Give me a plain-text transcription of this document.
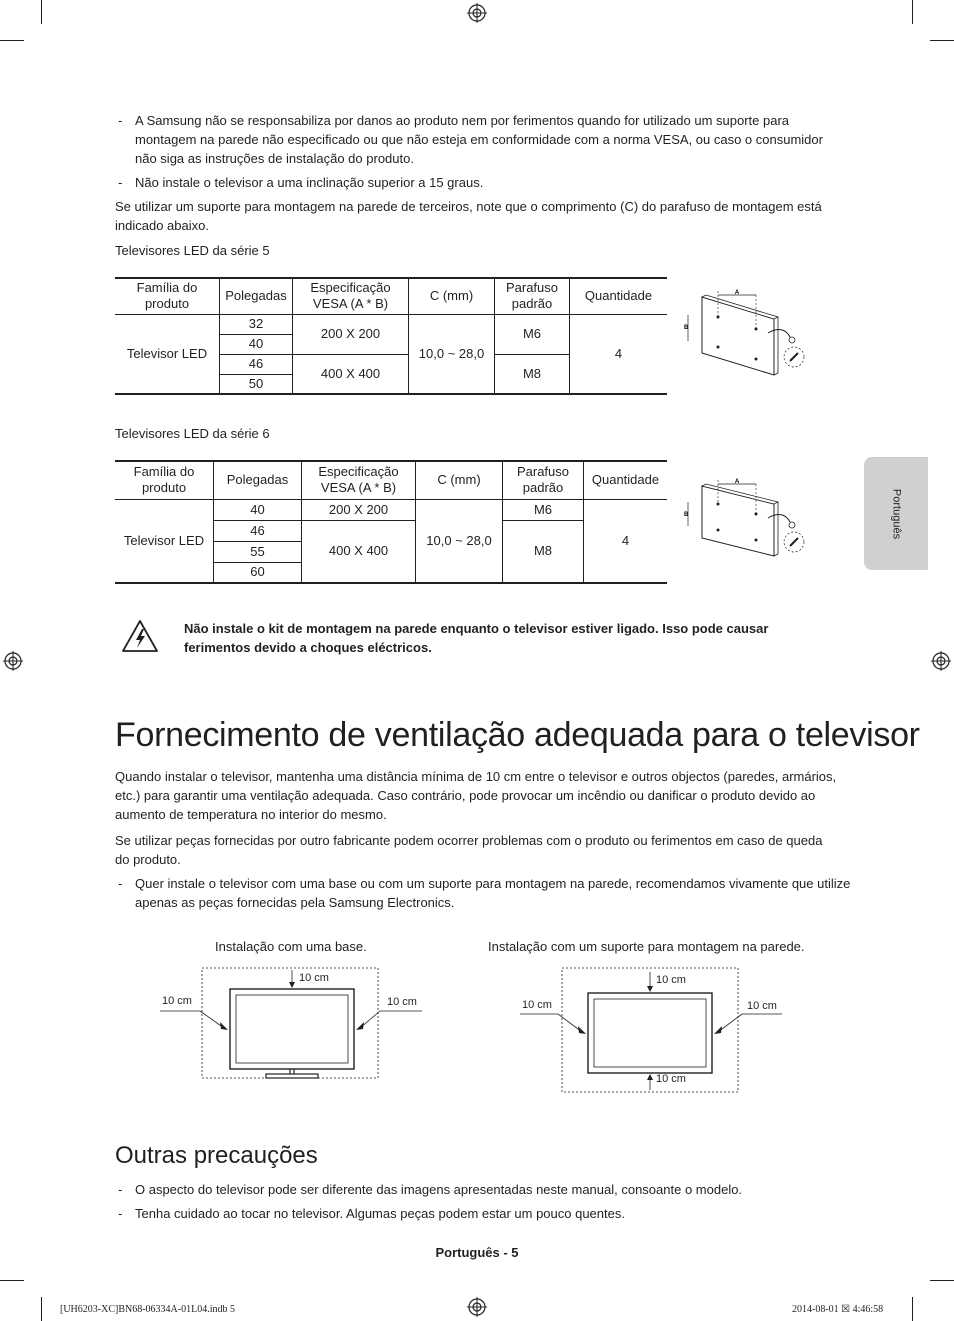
Português
- A Samsung não se responsabiliza por danos ao produto nem por ferimentos quando for utilizado um suporte para montagem na parede não especificado ou que não esteja em conformidade com a norma VESA, ou caso o consumidor não siga as instruções de instalação do produto.

- Não instale o televisor a uma inclinação superior a 15 graus.

Se utilizar um suporte para montagem na parede de terceiros, note que o comprimento (C) do parafuso de montagem está indicado abaixo.

Televisores LED da série 5

Família do produto	Polegadas	Especificação VESA (A * B)	C (mm)	Parafuso padrão	Quantidade
Televisor LED	32	200 X 200	10,0 ~ 28,0	M6	4
	40				
	46	400 X 400		M8	
	50				
A
B

Televisores LED da série 6

Família do produto	Polegadas	Especificação VESA (A * B)	C (mm)	Parafuso padrão	Quantidade
Televisor LED	40	200 X 200	10,0 ~ 28,0	M6	4
	46	400 X 400		M8	
	55				
	60				
A
B

Não instale o kit de montagem na parede enquanto o televisor estiver ligado. Isso pode causar ferimentos devido a choques eléctricos.

Fornecimento de ventilação adequada para o televisor

Quando instalar o televisor, mantenha uma distância mínima de 10 cm entre o televisor e outros objectos (paredes, armários, etc.) para garantir uma ventilação adequada. Caso contrário, pode provocar um incêndio ou danificar o produto devido ao aumento de temperatura no interior do mesmo.

Se utilizar peças fornecidas por outro fabricante podem ocorrer problemas com o produto ou ferimentos em caso de queda do produto.

- Quer instale o televisor com uma base ou com um suporte para montagem na parede, recomendamos vivamente que utilize apenas as peças fornecidas pela Samsung Electronics.

Instalação com uma base.	Instalação com um suporte para montagem na parede.

10 cm
10 cm	10 cm
10 cm
10 cm	10 cm
10 cm
Outras precauções
- O aspecto do televisor pode ser diferente das imagens apresentadas neste manual, consoante o modelo.

- Tenha cuidado ao tocar no televisor. Algumas peças podem estar um pouco quentes.

Português - 5

[UH6203-XC]BN68-06334A-01L04.indb 5	2014-08-01 ☒ 4:46:58
